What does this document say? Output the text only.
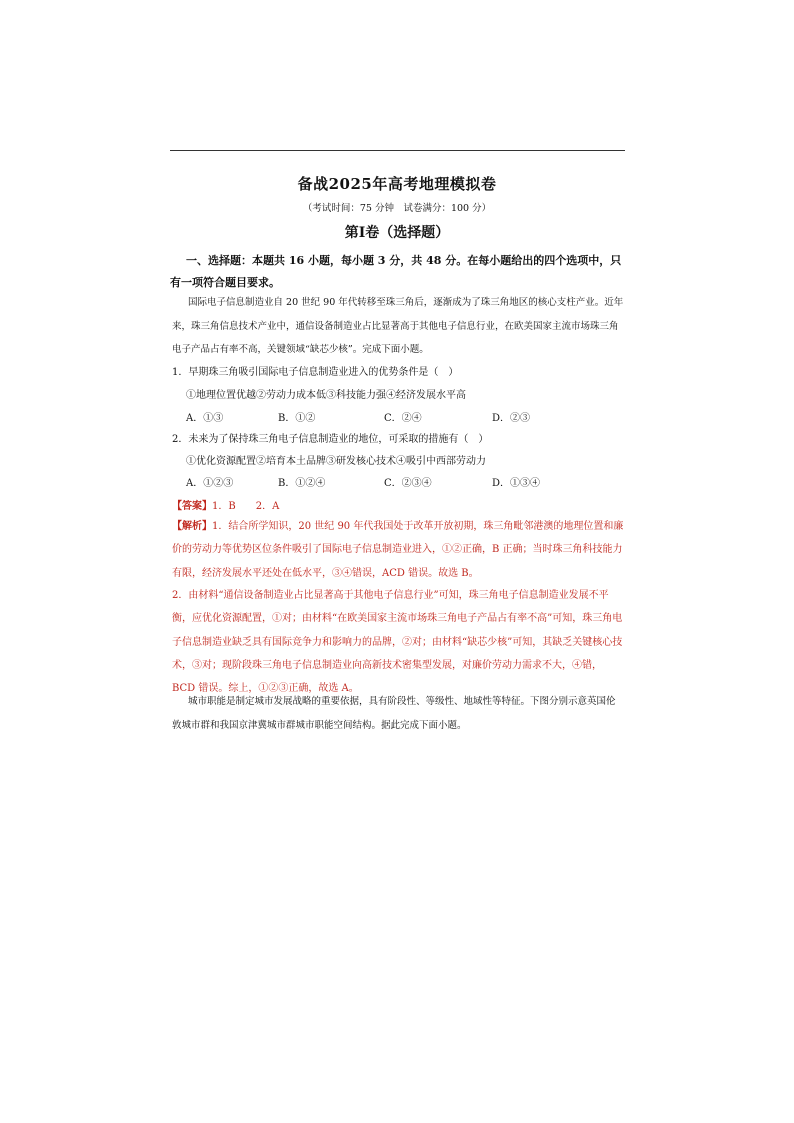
备战2025年高考地理模拟卷
（考试时间：75 分钟　试卷满分：100 分）
第Ⅰ卷（选择题）
一、选择题：本题共 16 小题，每小题 3 分，共 48 分。在每小题给出的四个选项中，只有一项符合题目要求。
国际电子信息制造业自 20 世纪 90 年代转移至珠三角后，逐渐成为了珠三角地区的核心支柱产业。近年来，珠三角信息技术产业中，通信设备制造业占比显著高于其他电子信息行业，在欧美国家主流市场珠三角电子产品占有率不高，关键领域“缺芯少核”。完成下面小题。
1．早期珠三角吸引国际电子信息制造业进入的优势条件是（　）
①地理位置优越②劳动力成本低③科技能力强④经济发展水平高
A．①③	B．①②	C．②④	D．②③
2．未来为了保持珠三角电子信息制造业的地位，可采取的措施有（　）
①优化资源配置②培育本土品牌③研发核心技术④吸引中西部劳动力
A．①②③	B．①②④	C．②③④	D．①③④
【答案】1．B　　2．A
【解析】1．结合所学知识，20 世纪 90 年代我国处于改革开放初期，珠三角毗邻港澳的地理位置和廉价的劳动力等优势区位条件吸引了国际电子信息制造业进入，①②正确，B 正确；当时珠三角科技能力有限，经济发展水平还处在低水平，③④错误，ACD 错误。故选 B。
2．由材料“通信设备制造业占比显著高于其他电子信息行业”可知，珠三角电子信息制造业发展不平衡，应优化资源配置，①对；由材料“在欧美国家主流市场珠三角电子产品占有率不高”可知，珠三角电子信息制造业缺乏具有国际竞争力和影响力的品牌，②对；由材料“缺芯少核”可知，其缺乏关键核心技术，③对；现阶段珠三角电子信息制造业向高新技术密集型发展，对廉价劳动力需求不大，④错，BCD 错误。综上，①②③正确，故选 A。
城市职能是制定城市发展战略的重要依据，具有阶段性、等级性、地域性等特征。下图分别示意英国伦敦城市群和我国京津冀城市群城市职能空间结构。据此完成下面小题。
